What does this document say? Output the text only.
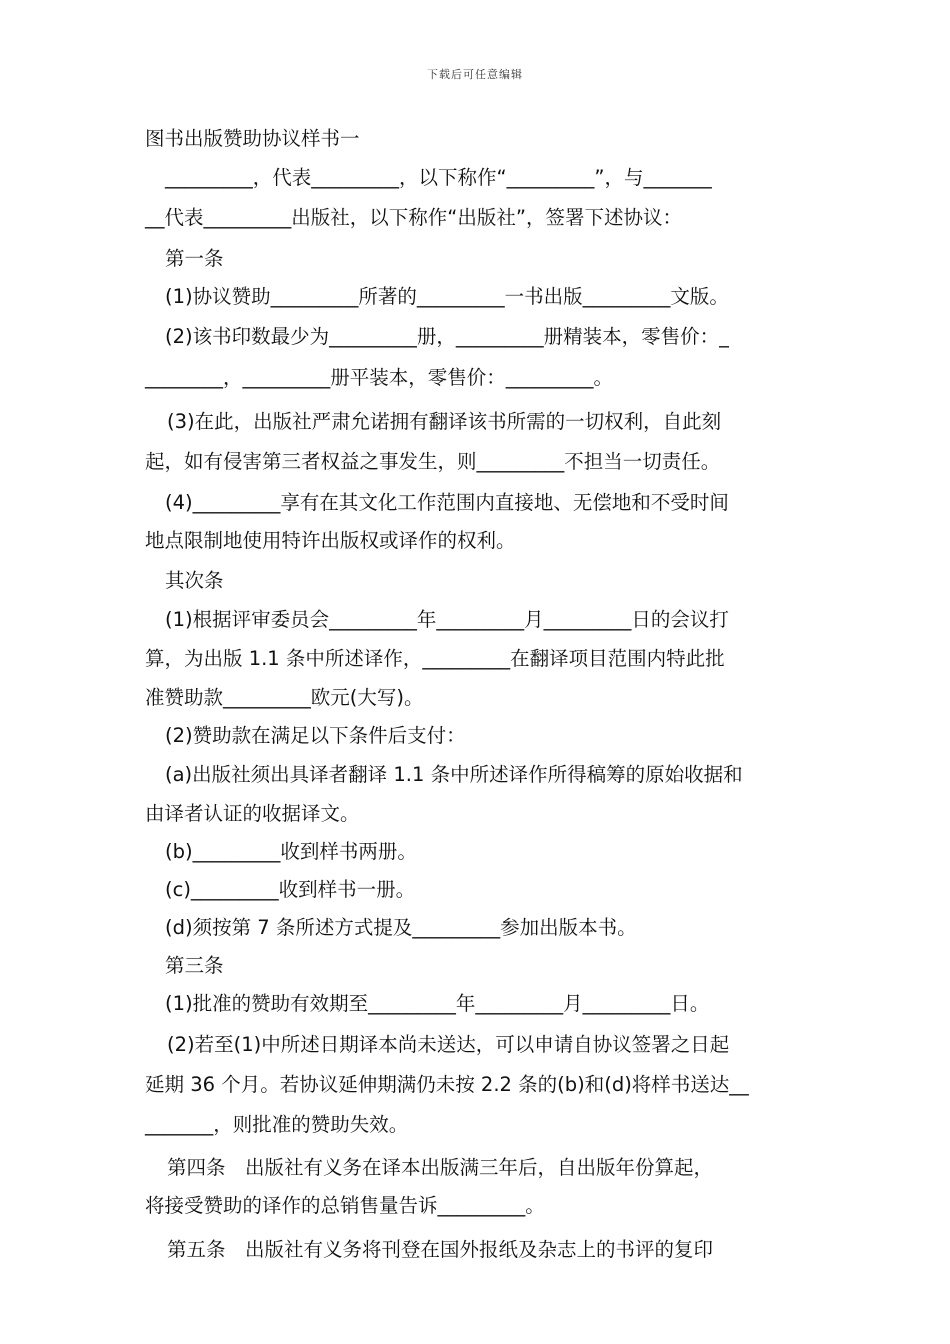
下载后可任意编辑

图书出版赞助协议样书一

_________，代表_________，以下称作“_________”，与_______
__代表_________出版社，以下称作“出版社”，签署下述协议：

第一条

(1)协议赞助_________所著的_________一书出版_________文版。

(2)该书印数最少为_________册，_________册精装本，零售价：_
________，_________册平装本，零售价：_________。

(3)在此，出版社严肃允诺拥有翻译该书所需的一切权利，自此刻
起，如有侵害第三者权益之事发生，则_________不担当一切责任。

(4)_________享有在其文化工作范围内直接地、无偿地和不受时间
地点限制地使用特许出版权或译作的权利。

其次条

(1)根据评审委员会_________年_________月_________日的会议打
算，为出版 1.1 条中所述译作，_________在翻译项目范围内特此批
准赞助款_________欧元(大写)。

(2)赞助款在满足以下条件后支付：

(a)出版社须出具译者翻译 1.1 条中所述译作所得稿筹的原始收据和
由译者认证的收据译文。

(b)_________收到样书两册。

(c)_________收到样书一册。

(d)须按第 7 条所述方式提及_________参加出版本书。

第三条

(1)批准的赞助有效期至_________年_________月_________日。

(2)若至(1)中所述日期译本尚未送达，可以申请自协议签署之日起
延期 36 个月。若协议延伸期满仍未按 2.2 条的(b)和(d)将样书送达__
_______，则批准的赞助失效。

第四条　出版社有义务在译本出版满三年后，自出版年份算起，
将接受赞助的译作的总销售量告诉_________。

第五条　出版社有义务将刊登在国外报纸及杂志上的书评的复印
